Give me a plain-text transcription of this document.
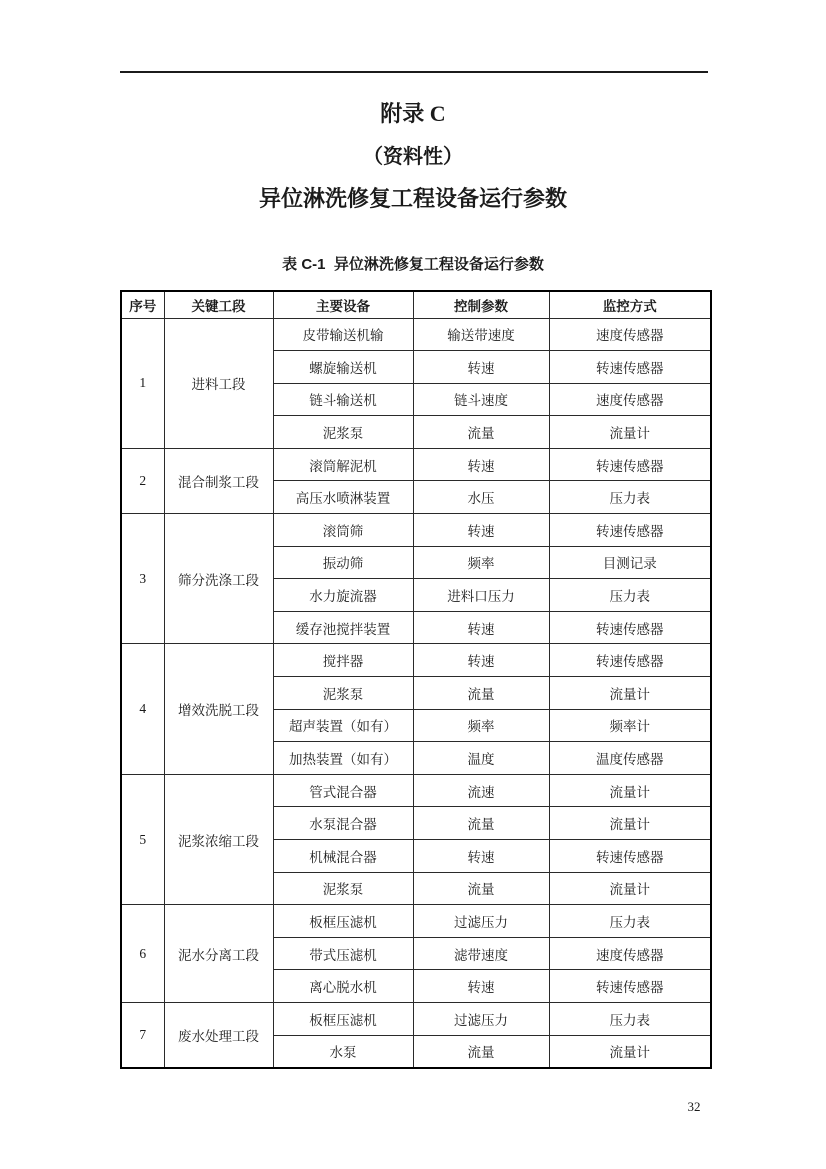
附录 C
（资料性）
异位淋洗修复工程设备运行参数
表 C-1  异位淋洗修复工程设备运行参数
序号	关键工段	主要设备	控制参数	监控方式
1	进料工段	皮带输送机输	输送带速度	速度传感器
		螺旋输送机	转速	转速传感器
		链斗输送机	链斗速度	速度传感器
		泥浆泵	流量	流量计
2	混合制浆工段	滚筒解泥机	转速	转速传感器
		高压水喷淋装置	水压	压力表
3	筛分洗涤工段	滚筒筛	转速	转速传感器
		振动筛	频率	目测记录
		水力旋流器	进料口压力	压力表
		缓存池搅拌装置	转速	转速传感器
4	增效洗脱工段	搅拌器	转速	转速传感器
		泥浆泵	流量	流量计
		超声装置（如有）	频率	频率计
		加热装置（如有）	温度	温度传感器
5	泥浆浓缩工段	管式混合器	流速	流量计
		水泵混合器	流量	流量计
		机械混合器	转速	转速传感器
		泥浆泵	流量	流量计
6	泥水分离工段	板框压滤机	过滤压力	压力表
		带式压滤机	滤带速度	速度传感器
		离心脱水机	转速	转速传感器
7	废水处理工段	板框压滤机	过滤压力	压力表
		水泵	流量	流量计
32
